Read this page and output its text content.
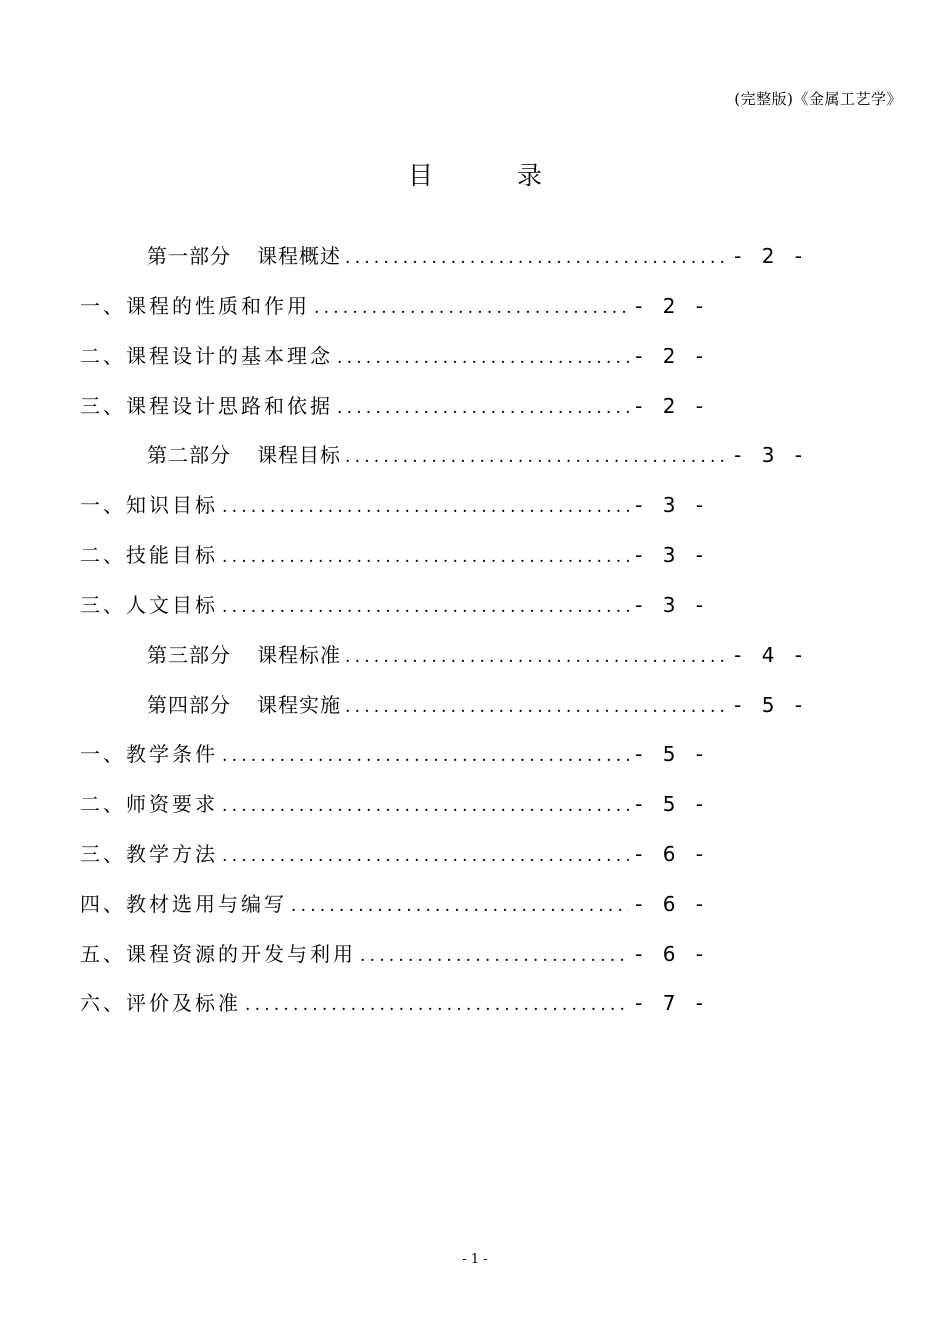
(完整版)《金属工艺学》
目 录
第一部分 课程概述 .....	- 2 -
一、课程的性质和作用 .....	- 2 -
二、课程设计的基本理念 .....	- 2 -
三、课程设计思路和依据 .....	- 2 -
第二部分 课程目标 .....	- 3 -
一、知识目标 .....	- 3 -
二、技能目标 .....	- 3 -
三、人文目标 .....	- 3 -
第三部分 课程标准 .....	- 4 -
第四部分 课程实施 .....	- 5 -
一、教学条件 .....	- 5 -
二、师资要求 .....	- 5 -
三、教学方法 .....	- 6 -
四、教材选用与编写 .....	- 6 -
五、课程资源的开发与利用 .....	- 6 -
六、评价及标准 .....	- 7 -
- 1 -
